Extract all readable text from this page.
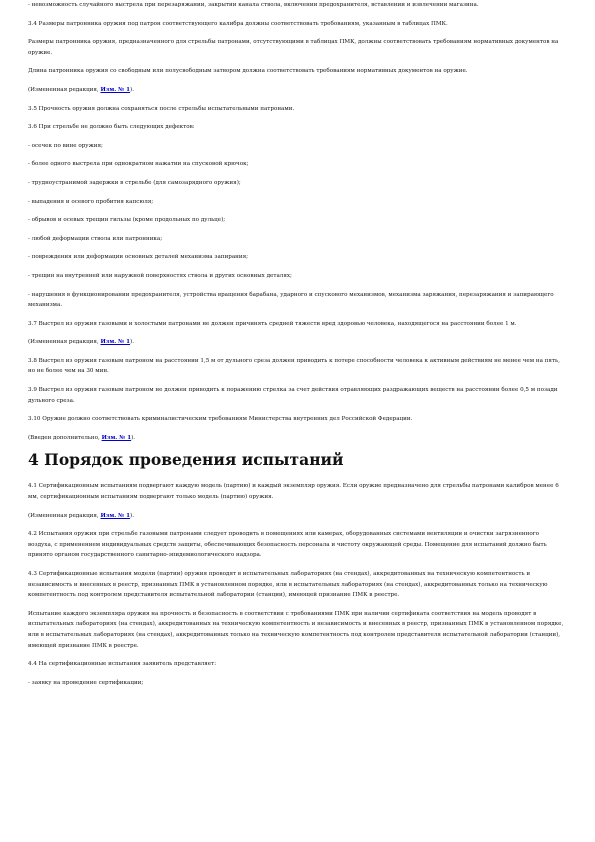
- невозможность случайного выстрела при перезаряжании, закрытии канала ствола, включении предохранителя, вставлении и извлечении магазина.

3.4 Размеры патронника оружия под патрон соответствующего калибра должны соответствовать требованиям, указанным в таблицах ПМК.

Размеры патронника оружия, предназначенного для стрельбы патронами, отсутствующими в таблицах ПМК, должны соответствовать требованиям нормативных документов на оружие.

Длина патронника оружия со свободным или полусвободным затвором должна соответствовать требованиям нормативных документов на оружие.

(Измененная редакция, Изм. № 1).

3.5 Прочность оружия должна сохраняться после стрельбы испытательными патронами.

3.6 При стрельбе не должно быть следующих дефектов:

- осечек по вине оружия;

- более одного выстрела при однократном нажатии на спусковой крючок;

- трудноустранимой задержки в стрельбе (для самозарядного оружия);

- выпадения и осевого пробития капсюля;

- обрывов и осевых трещин гильзы (кроме продольных по дульце);

- любой деформации ствола или патронника;

- повреждения или деформации основных деталей механизма запирания;

- трещин на внутренней или наружной поверхностях ствола и других основных деталях;

- нарушения в функционировании предохранителя, устройства вращения барабана, ударного и спускового механизмов, механизма заряжания, перезаряжания и запирающего механизма.

3.7 Выстрел из оружия газовыми и холостыми патронами не должен причинять средней тяжести вред здоровью человека, находящегося на расстоянии более 1 м.

(Измененная редакция, Изм. № 1).

3.8 Выстрел из оружия газовым патроном на расстоянии 1,5 м от дульного среза должен приводить к потере способности человека к активным действиям не менее чем на пять, но не более чем на 30 мин.

3.9 Выстрел из оружия газовым патроном не должен приводить к поражению стрелка за счет действия отравляющих раздражающих веществ на расстоянии более 0,5 м позади дульного среза.

3.10 Оружие должно соответствовать криминалистическим требованиям Министерства внутренних дел Российской Федерации.

(Введен дополнительно, Изм. № 1).

4 Порядок проведения испытаний

4.1 Сертификационным испытаниям подвергают каждую модель (партию) и каждый экземпляр оружия. Если оружие предназначено для стрельбы патронами калибров менее 6 мм, сертификационным испытаниям подвергают только модель (партию) оружия.

(Измененная редакция, Изм. № 1).

4.2 Испытания оружия при стрельбе газовыми патронами следует проводить в помещениях или камерах, оборудованных системами вентиляции и очистки загрязненного воздуха, с применением индивидуальных средств защиты, обеспечивающих безопасность персонала и чистоту окружающей среды. Помещение для испытаний должно быть принято органом государственного санитарно-эпидемиологического надзора.

4.3 Сертификационные испытания модели (партии) оружия проводят в испытательных лабораториях (на стендах), аккредитованных на техническую компетентность и независимость и внесенных в реестр, признанных ПМК в установленном порядке, или в испытательных лабораториях (на стендах), аккредитованных только на техническую компетентность под контролем представителя испытательной лаборатории (станции), имеющей признание ПМК в реестре.

Испытание каждого экземпляра оружия на прочность и безопасность в соответствии с требованиями ПМК при наличии сертификата соответствия на модель проводят в испытательных лабораториях (на стендах), аккредитованных на техническую компетентность и независимость и внесенных в реестр, признанных ПМК в установленном порядке, или в испытательных лабораториях (на стендах), аккредитованных только на техническую компетентность под контролем представителя испытательной лаборатории (станции), имеющей признание ПМК в реестре.

4.4 На сертификационные испытания заявитель представляет:

- заявку на проведение сертификации;
